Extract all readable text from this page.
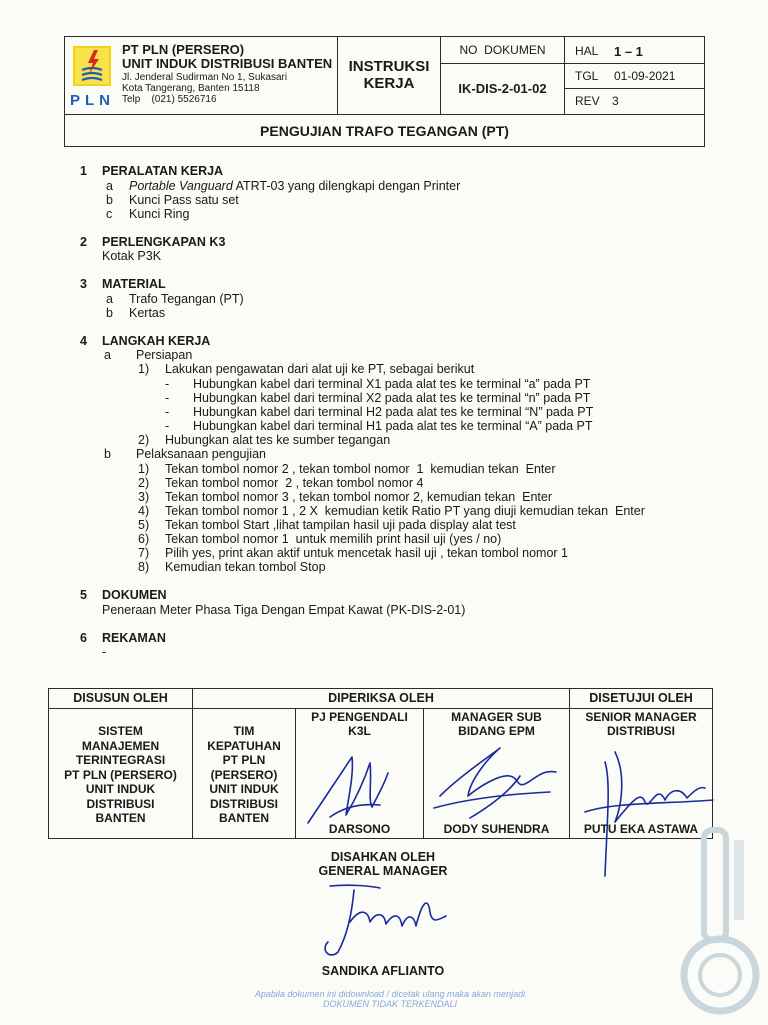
PLN
PT PLN (PERSERO)
UNIT INDUK DISTRIBUSI BANTEN
Jl. Jenderal Sudirman No 1, Sukasari
Kota Tangerang, Banten 15118
Telp    (021) 5526716
INSTRUKSI
KERJA
NO  DOKUMEN
IK-DIS-2-01-02
HAL 1 – 1
TGL 01-09-2021
REV 3
PENGUJIAN TRAFO TEGANGAN (PT)
1 PERALATAN KERJA
a Portable Vanguard ATRT-03 yang dilengkapi dengan Printer
b Kunci Pass satu set
c Kunci Ring
2 PERLENGKAPAN K3
Kotak P3K
3 MATERIAL
a Trafo Tegangan (PT)
b Kertas
4 LANGKAH KERJA
a Persiapan
1) Lakukan pengawatan dari alat uji ke PT, sebagai berikut
- Hubungkan kabel dari terminal X1 pada alat tes ke terminal “a” pada PT
- Hubungkan kabel dari terminal X2 pada alat tes ke terminal “n” pada PT
- Hubungkan kabel dari terminal H2 pada alat tes ke terminal “N” pada PT
- Hubungkan kabel dari terminal H1 pada alat tes ke terminal “A” pada PT
2) Hubungkan alat tes ke sumber tegangan
b Pelaksanaan pengujian
1) Tekan tombol nomor 2 , tekan tombol nomor  1  kemudian tekan  Enter
2) Tekan tombol nomor  2 , tekan tombol nomor 4
3) Tekan tombol nomor 3 , tekan tombol nomor 2, kemudian tekan  Enter
4) Tekan tombol nomor 1 , 2 X  kemudian ketik Ratio PT yang diuji kemudian tekan  Enter
5) Tekan tombol Start ,lihat tampilan hasil uji pada display alat test
6) Tekan tombol nomor 1  untuk memilih print hasil uji (yes / no)
7) Pilih yes, print akan aktif untuk mencetak hasil uji , tekan tombol nomor 1
8) Kemudian tekan tombol Stop
5 DOKUMEN
Peneraan Meter Phasa Tiga Dengan Empat Kawat (PK-DIS-2-01)
6 REKAMAN
-
DISUSUN OLEH	DIPERIKSA OLEH	DISETUJUI OLEH
SISTEM
MANAJEMEN
TERINTEGRASI
PT PLN (PERSERO)
UNIT INDUK
DISTRIBUSI
BANTEN
TIM
KEPATUHAN
PT PLN
(PERSERO)
UNIT INDUK
DISTRIBUSI
BANTEN
PJ PENGENDALI
K3L
DARSONO
MANAGER SUB
BIDANG EPM
DODY SUHENDRA
SENIOR MANAGER
DISTRIBUSI
PUTU EKA ASTAWA
DISAHKAN OLEH
GENERAL MANAGER
SANDIKA AFLIANTO
Apabila dokumen ini didownload / dicetak ulang maka akan menjadi
DOKUMEN TIDAK TERKENDALI
